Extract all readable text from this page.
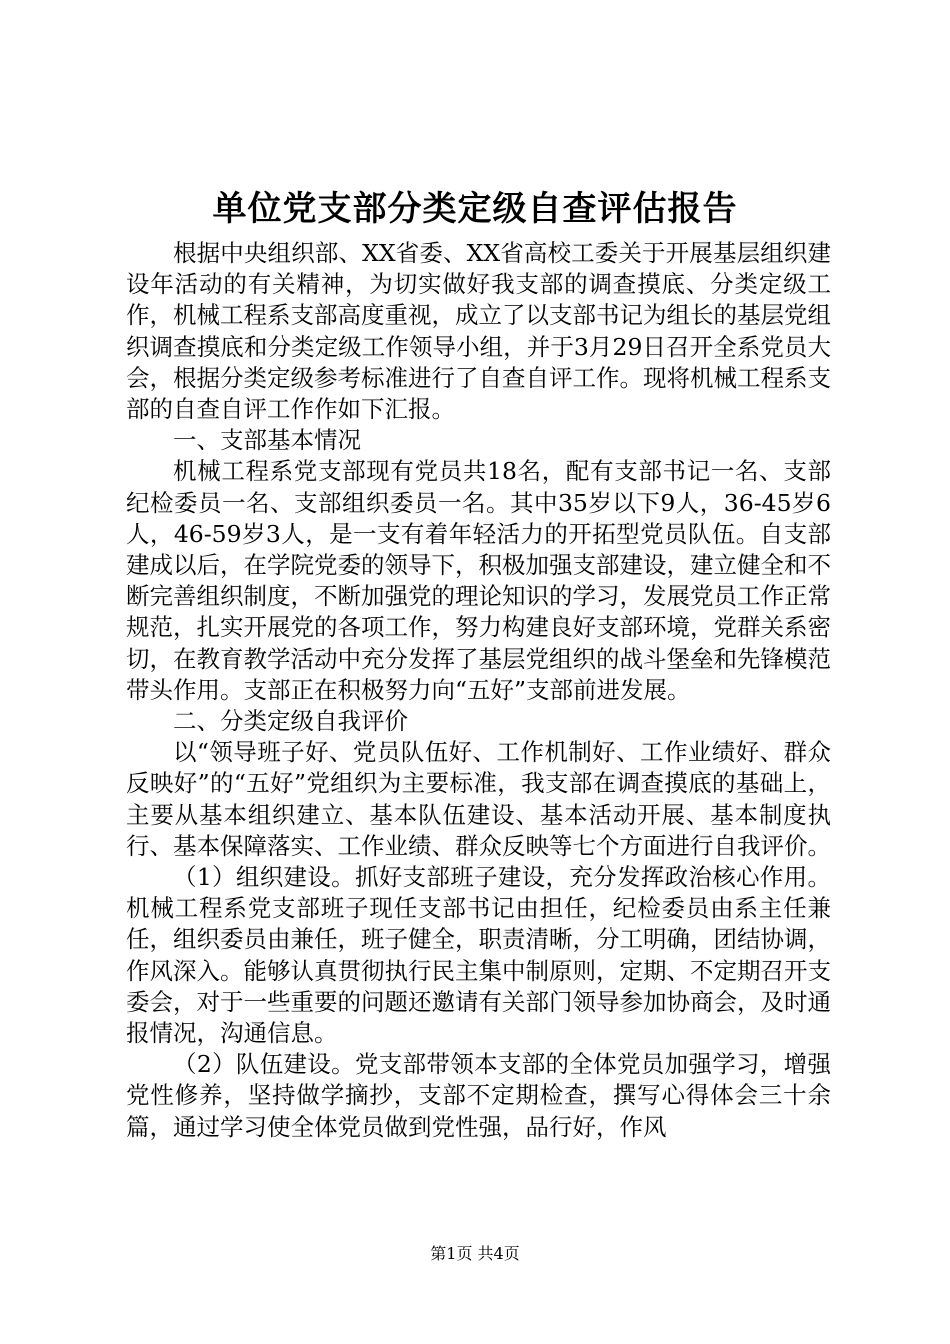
单位党支部分类定级自查评估报告

根据中央组织部、XX省委、XX省高校工委关于开展基层组织建设年活动的有关精神，为切实做好我支部的调查摸底、分类定级工作，机械工程系支部高度重视，成立了以支部书记为组长的基层党组织调查摸底和分类定级工作领导小组，并于3月29日召开全系党员大会，根据分类定级参考标准进行了自查自评工作。现将机械工程系支部的自查自评工作作如下汇报。

一、支部基本情况

机械工程系党支部现有党员共18名，配有支部书记一名、支部纪检委员一名、支部组织委员一名。其中35岁以下9人，36-45岁6人，46-59岁3人，是一支有着年轻活力的开拓型党员队伍。自支部建成以后，在学院党委的领导下，积极加强支部建设，建立健全和不断完善组织制度，不断加强党的理论知识的学习，发展党员工作正常规范，扎实开展党的各项工作，努力构建良好支部环境，党群关系密切，在教育教学活动中充分发挥了基层党组织的战斗堡垒和先锋模范带头作用。支部正在积极努力向“五好”支部前进发展。

二、分类定级自我评价

以“领导班子好、党员队伍好、工作机制好、工作业绩好、群众反映好”的“五好”党组织为主要标准，我支部在调查摸底的基础上，主要从基本组织建立、基本队伍建设、基本活动开展、基本制度执行、基本保障落实、工作业绩、群众反映等七个方面进行自我评价。

（1）组织建设。抓好支部班子建设，充分发挥政治核心作用。机械工程系党支部班子现任支部书记由担任，纪检委员由系主任兼任，组织委员由兼任，班子健全，职责清晰，分工明确，团结协调，作风深入。能够认真贯彻执行民主集中制原则，定期、不定期召开支委会，对于一些重要的问题还邀请有关部门领导参加协商会，及时通报情况，沟通信息。

（2）队伍建设。党支部带领本支部的全体党员加强学习，增强党性修养，坚持做学摘抄，支部不定期检查，撰写心得体会三十余篇，通过学习使全体党员做到党性强，品行好，作风

第1页 共4页
